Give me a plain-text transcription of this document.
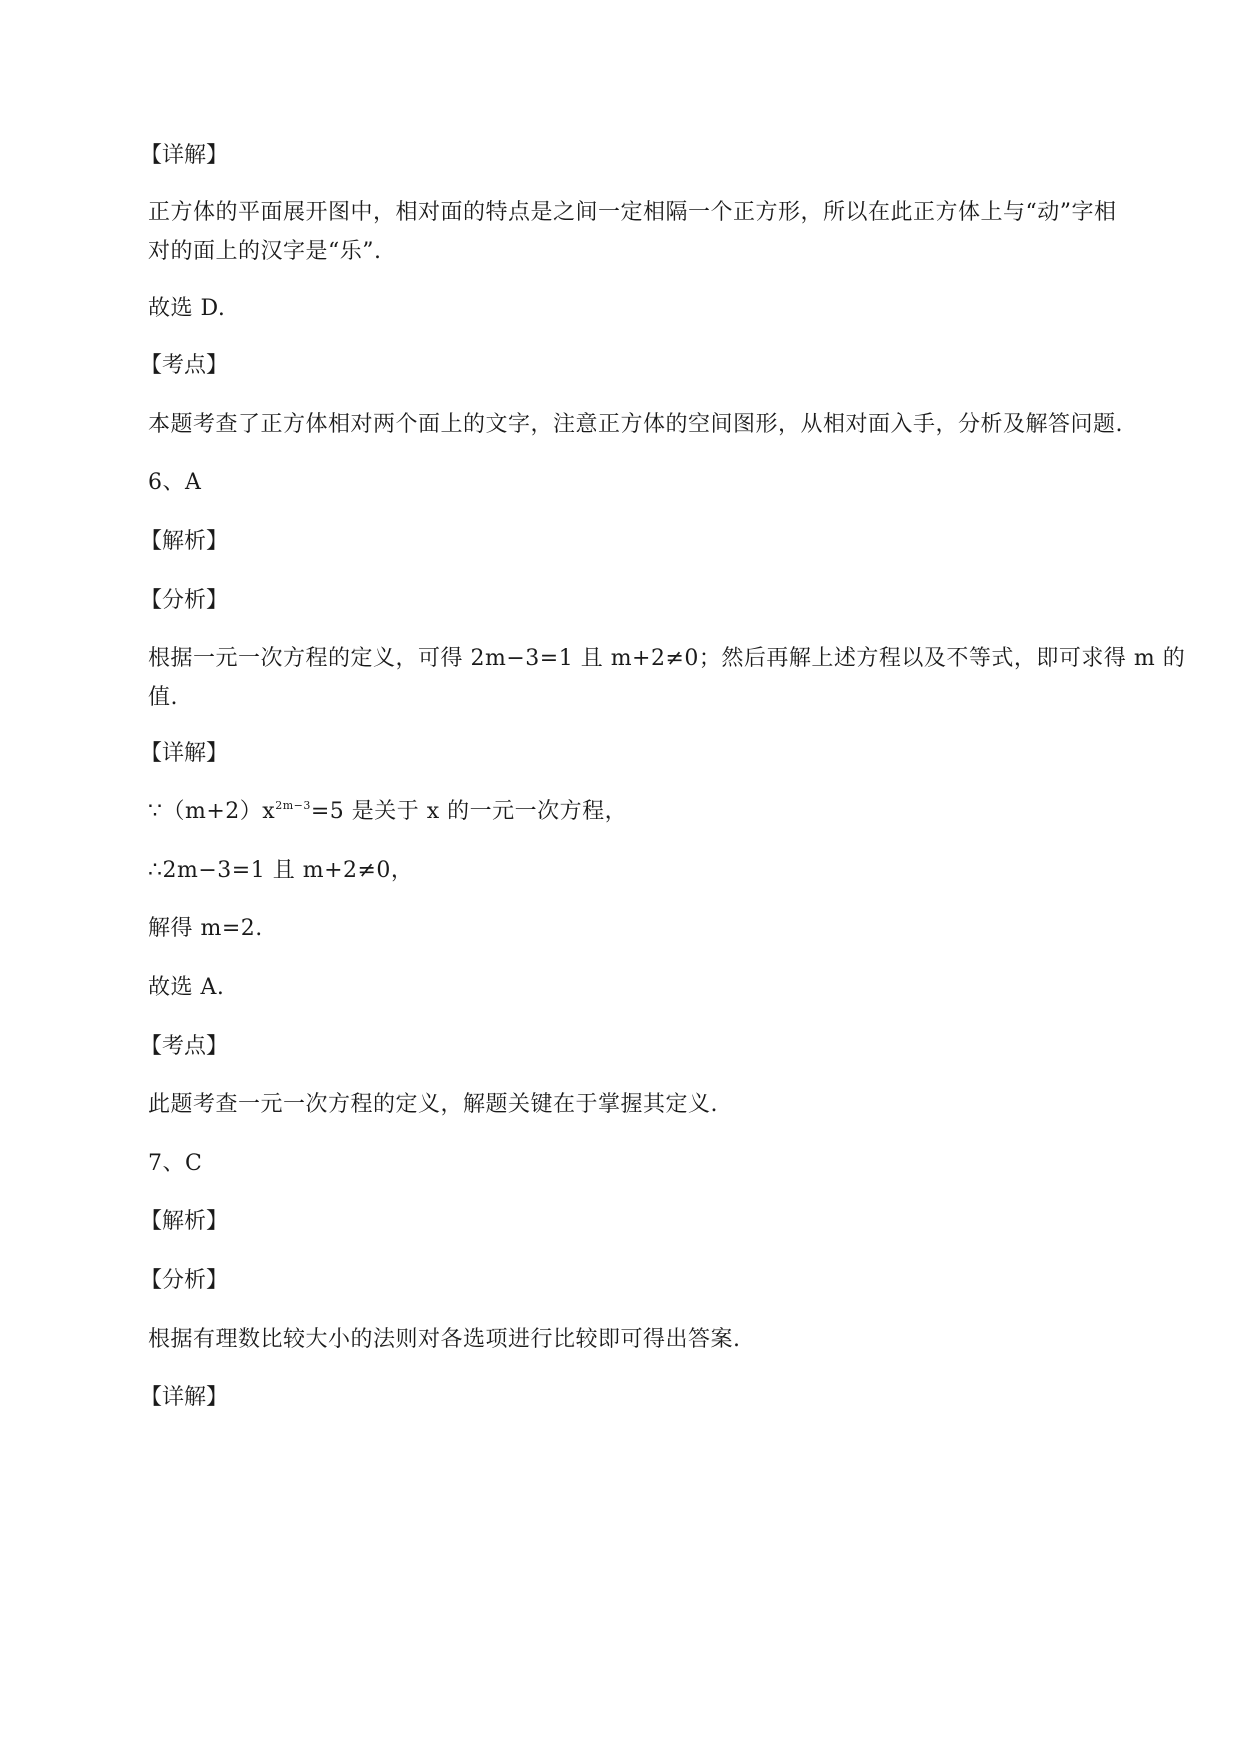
【详解】
正方体的平面展开图中，相对面的特点是之间一定相隔一个正方形，所以在此正方体上与“动”字相
对的面上的汉字是“乐”.
故选 D.
【考点】
本题考查了正方体相对两个面上的文字，注意正方体的空间图形，从相对面入手，分析及解答问题.
6、A
【解析】
【分析】
根据一元一次方程的定义，可得 2m−3=1 且 m+2≠0；然后再解上述方程以及不等式，即可求得 m 的
值.
【详解】
$\because(m+2)x^{2m-3}=5$ 是关于 x 的一元一次方程，
∴2m−3=1 且 m+2≠0，
解得 m=2.
故选 A.
【考点】
此题考查一元一次方程的定义，解题关键在于掌握其定义.
7、C
【解析】
【分析】
根据有理数比较大小的法则对各选项进行比较即可得出答案.
【详解】
